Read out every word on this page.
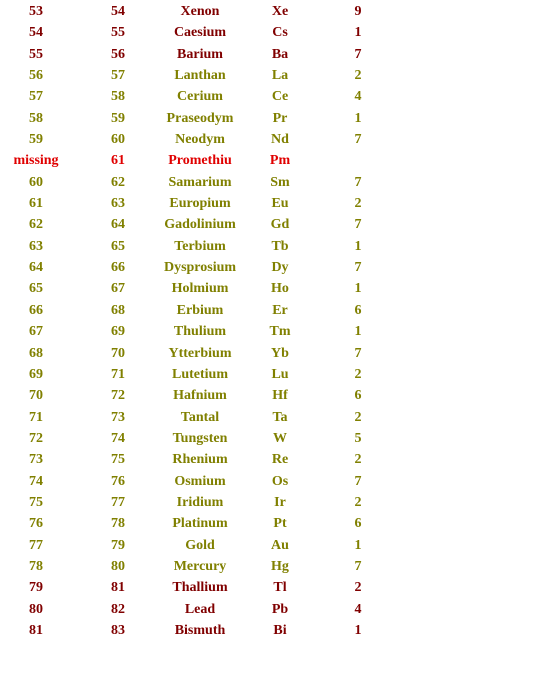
53	54	Xenon	Xe	9
54	55	Caesium	Cs	1
55	56	Barium	Ba	7
56	57	Lanthan	La	2
57	58	Cerium	Ce	4
58	59	Praseodym	Pr	1
59	60	Neodym	Nd	7
missing	61	Promethiu	Pm
60	62	Samarium	Sm	7
61	63	Europium	Eu	2
62	64	Gadolinium	Gd	7
63	65	Terbium	Tb	1
64	66	Dysprosium	Dy	7
65	67	Holmium	Ho	1
66	68	Erbium	Er	6
67	69	Thulium	Tm	1
68	70	Ytterbium	Yb	7
69	71	Lutetium	Lu	2
70	72	Hafnium	Hf	6
71	73	Tantal	Ta	2
72	74	Tungsten	W	5
73	75	Rhenium	Re	2
74	76	Osmium	Os	7
75	77	Iridium	Ir	2
76	78	Platinum	Pt	6
77	79	Gold	Au	1
78	80	Mercury	Hg	7
79	81	Thallium	Tl	2
80	82	Lead	Pb	4
81	83	Bismuth	Bi	1
